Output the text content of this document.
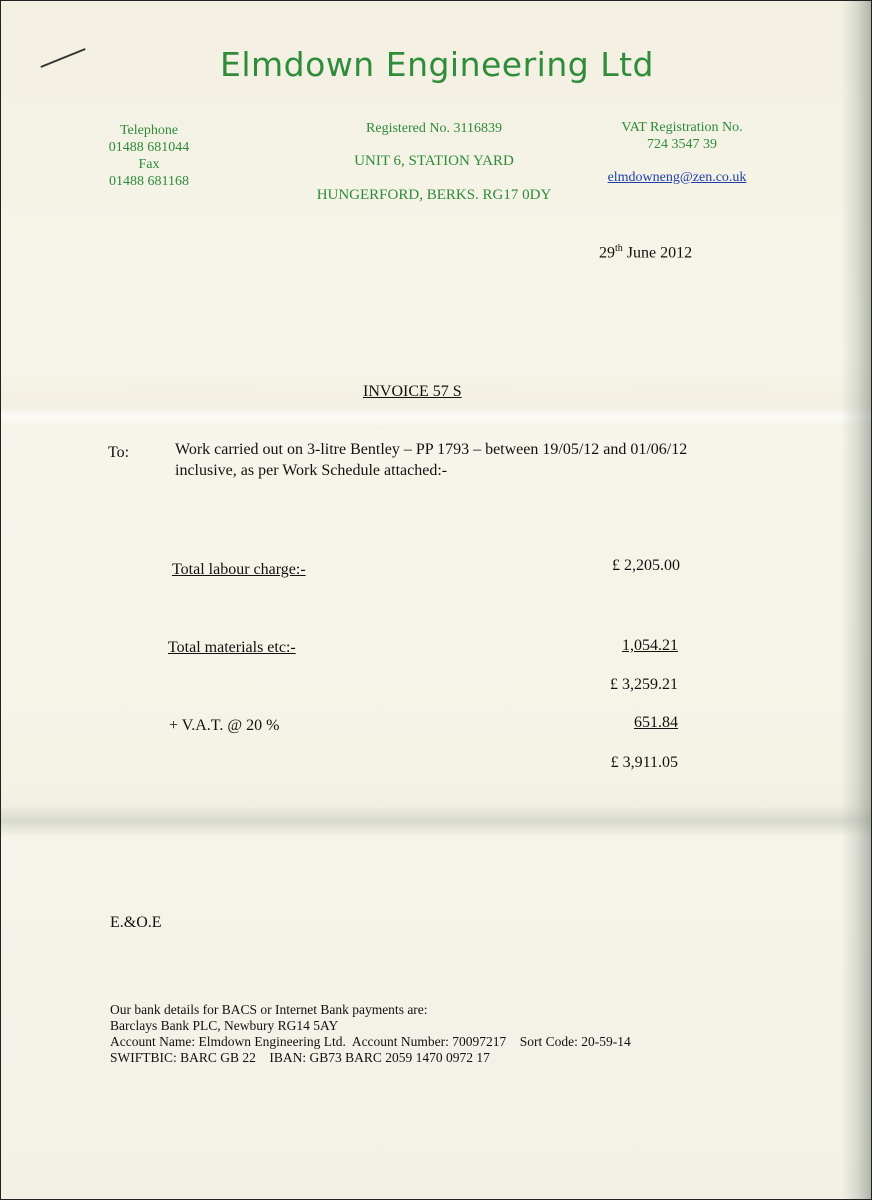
Elmdown Engineering Ltd
Telephone
01488 681044
Fax
01488 681168
Registered No. 3116839
UNIT 6, STATION YARD
HUNGERFORD, BERKS. RG17 0DY
VAT Registration No.
724 3547 39
elmdowneng@zen.co.uk
29th June 2012
INVOICE 57 S
To:	Work carried out on 3-litre Bentley – PP 1793 – between 19/05/12 and 01/06/12
inclusive, as per Work Schedule attached:-
Total labour charge:-	£ 2,205.00
Total materials etc:-	1,054.21
£ 3,259.21
+ V.A.T. @ 20 %	651.84
£ 3,911.05
E.&O.E
Our bank details for BACS or Internet Bank payments are:
Barclays Bank PLC, Newbury RG14 5AY
Account Name: Elmdown Engineering Ltd.  Account Number: 70097217    Sort Code: 20-59-14
SWIFTBIC: BARC GB 22    IBAN: GB73 BARC 2059 1470 0972 17
